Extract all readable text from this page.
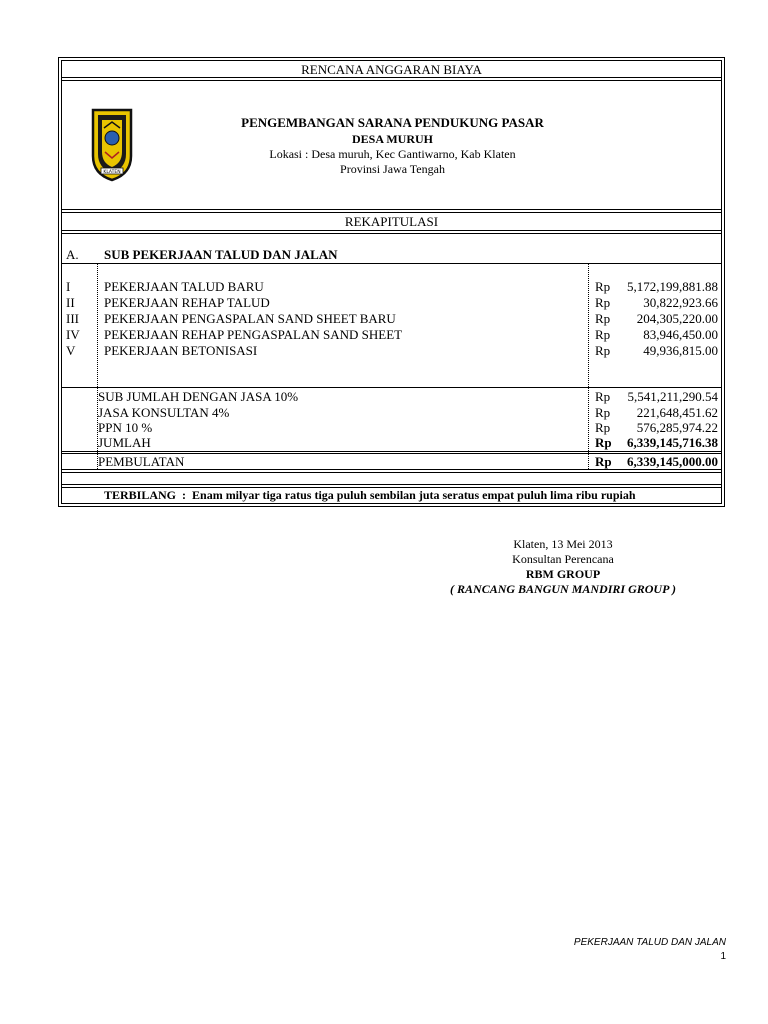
RENCANA ANGGARAN BIAYA
KLATEN
PENGEMBANGAN SARANA PENDUKUNG PASAR
DESA MURUH
Lokasi : Desa muruh, Kec Gantiwarno, Kab Klaten
Provinsi Jawa Tengah
REKAPITULASI
A. SUB PEKERJAAN TALUD DAN JALAN
I	PEKERJAAN TALUD BARU	Rp	5,172,199,881.88
II PEKERJAAN REHAP TALUD	Rp	30,822,923.66
III PEKERJAAN PENGASPALAN SAND SHEET BARU	Rp	204,305,220.00
IV PEKERJAAN REHAP PENGASPALAN SAND SHEET	Rp	83,946,450.00
V PEKERJAAN BETONISASI	Rp	49,936,815.00
SUB JUMLAH DENGAN JASA 10%	Rp	5,541,211,290.54
JASA KONSULTAN 4%	Rp	221,648,451.62
PPN 10 %	Rp	576,285,974.22
JUMLAH	Rp	6,339,145,716.38
PEMBULATAN	Rp	6,339,145,000.00
TERBILANG  :  Enam milyar tiga ratus tiga puluh sembilan juta seratus empat puluh lima ribu rupiah
Klaten, 13 Mei 2013
Konsultan Perencana
RBM GROUP
( RANCANG BANGUN MANDIRI GROUP )
PEKERJAAN TALUD DAN JALAN
1
